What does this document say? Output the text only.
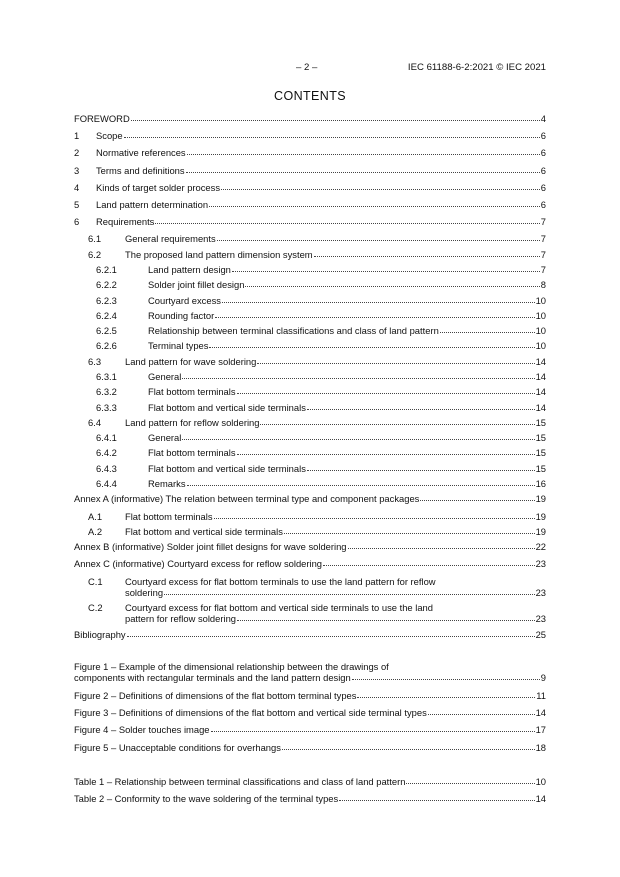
– 2 –	IEC 61188-6-2:2021 © IEC 2021
CONTENTS
FOREWORD	4
1 Scope	6
2 Normative references	6
3 Terms and definitions	6
4 Kinds of target solder process	6
5 Land pattern determination	6
6 Requirements	7
6.1	General requirements	7
6.2	The proposed land pattern dimension system	7
6.2.1	Land pattern design	7
6.2.2	Solder joint fillet design	8
6.2.3	Courtyard excess	10
6.2.4	Rounding factor	10
6.2.5	Relationship between terminal classifications and class of land pattern	10
6.2.6	Terminal types	10
6.3	Land pattern for wave soldering	14
6.3.1	General	14
6.3.2	Flat bottom terminals	14
6.3.3	Flat bottom and vertical side terminals	14
6.4	Land pattern for reflow soldering	15
6.4.1	General	15
6.4.2	Flat bottom terminals	15
6.4.3	Flat bottom and vertical side terminals	15
6.4.4	Remarks	16
Annex A (informative) The relation between terminal type and component packages	19
A.1 Flat bottom terminals	19
A.2 Flat bottom and vertical side terminals	19
Annex B (informative) Solder joint fillet designs for wave soldering	22
Annex C (informative) Courtyard excess for reflow soldering	23
C.1 Courtyard excess for flat bottom terminals to use the land pattern for reflow
soldering	23
C.2 Courtyard excess for flat bottom and vertical side terminals to use the land
pattern for reflow soldering	23
Bibliography	25
Figure 1 – Example of the dimensional relationship between the drawings of
components with rectangular terminals and the land pattern design	9
Figure 2 – Definitions of dimensions of the flat bottom terminal types	11
Figure 3 – Definitions of dimensions of the flat bottom and vertical side terminal types	14
Figure 4 – Solder touches image	17
Figure 5 – Unacceptable conditions for overhangs	18
Table 1 – Relationship between terminal classifications and class of land pattern	10
Table 2 – Conformity to the wave soldering of the terminal types	14
